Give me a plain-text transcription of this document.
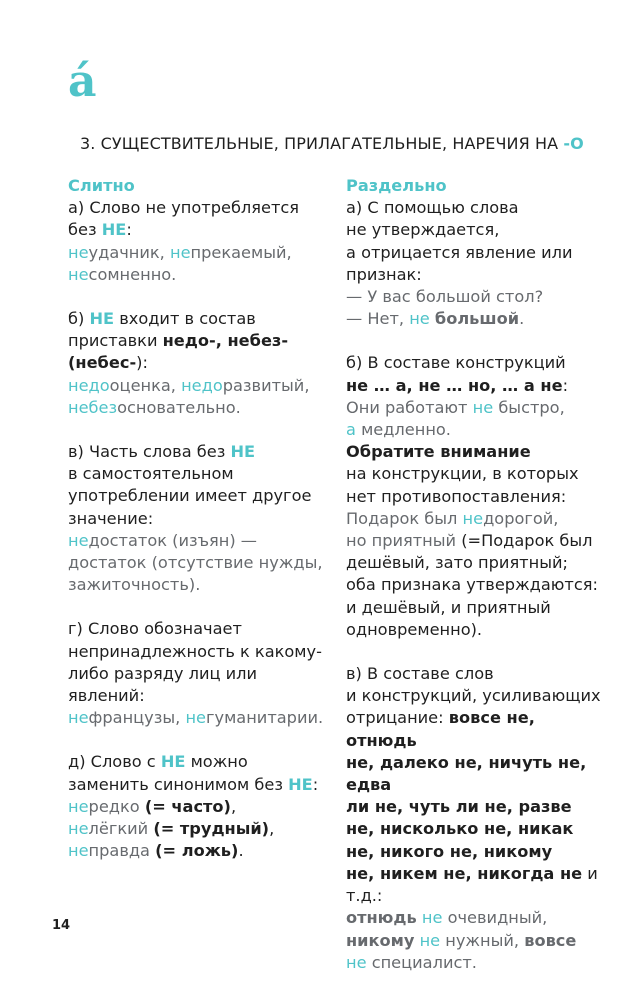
á
3. СУЩЕСТВИТЕЛЬНЫЕ, ПРИЛАГАТЕЛЬНЫЕ, НАРЕЧИЯ НА -О
Слитно

а) Слово не употребляется

без НЕ:

неудачник, непрекаемый,

несомненно.

б) НЕ входит в состав

приставки недо-, небез-

(небес-):

недооценка, недоразвитый,

небезосновательно.

в) Часть слова без НЕ

в самостоятельном

употреблении имеет другое

значение:

недостаток (изъян) —

достаток (отсутствие нужды,

зажиточность).

г) Слово обозначает

непринадлежность к какому-

либо разряду лиц или

явлений:

нефранцузы, негуманитарии.

д) Слово с НЕ можно

заменить синонимом без НЕ:

нередко (= часто),

нелёгкий (= трудный),

неправда (= ложь).

Раздельно

а) С помощью слова

не утверждается,

а отрицается явление или

признак:

— У вас большой стол?

— Нет, не большой.

б) В составе конструкций

не … а, не … но, … а не:

Они работают не быстро,

а медленно.

Обратите внимание

на конструкции, в которых

нет противопоставления:

Подарок был недорогой,

но приятный (=Подарок был

дешёвый, зато приятный;

оба признака утверждаются:

и дешёвый, и приятный

одновременно).

в) В составе слов

и конструкций, усиливающих

отрицание: вовсе не, отнюдь

не, далеко не, ничуть не, едва

ли не, чуть ли не, разве

не, нисколько не, никак

не, никого не, никому

не, никем не, никогда не и т.д.:

отнюдь не очевидный,

никому не нужный, вовсе

не специалист.

14
